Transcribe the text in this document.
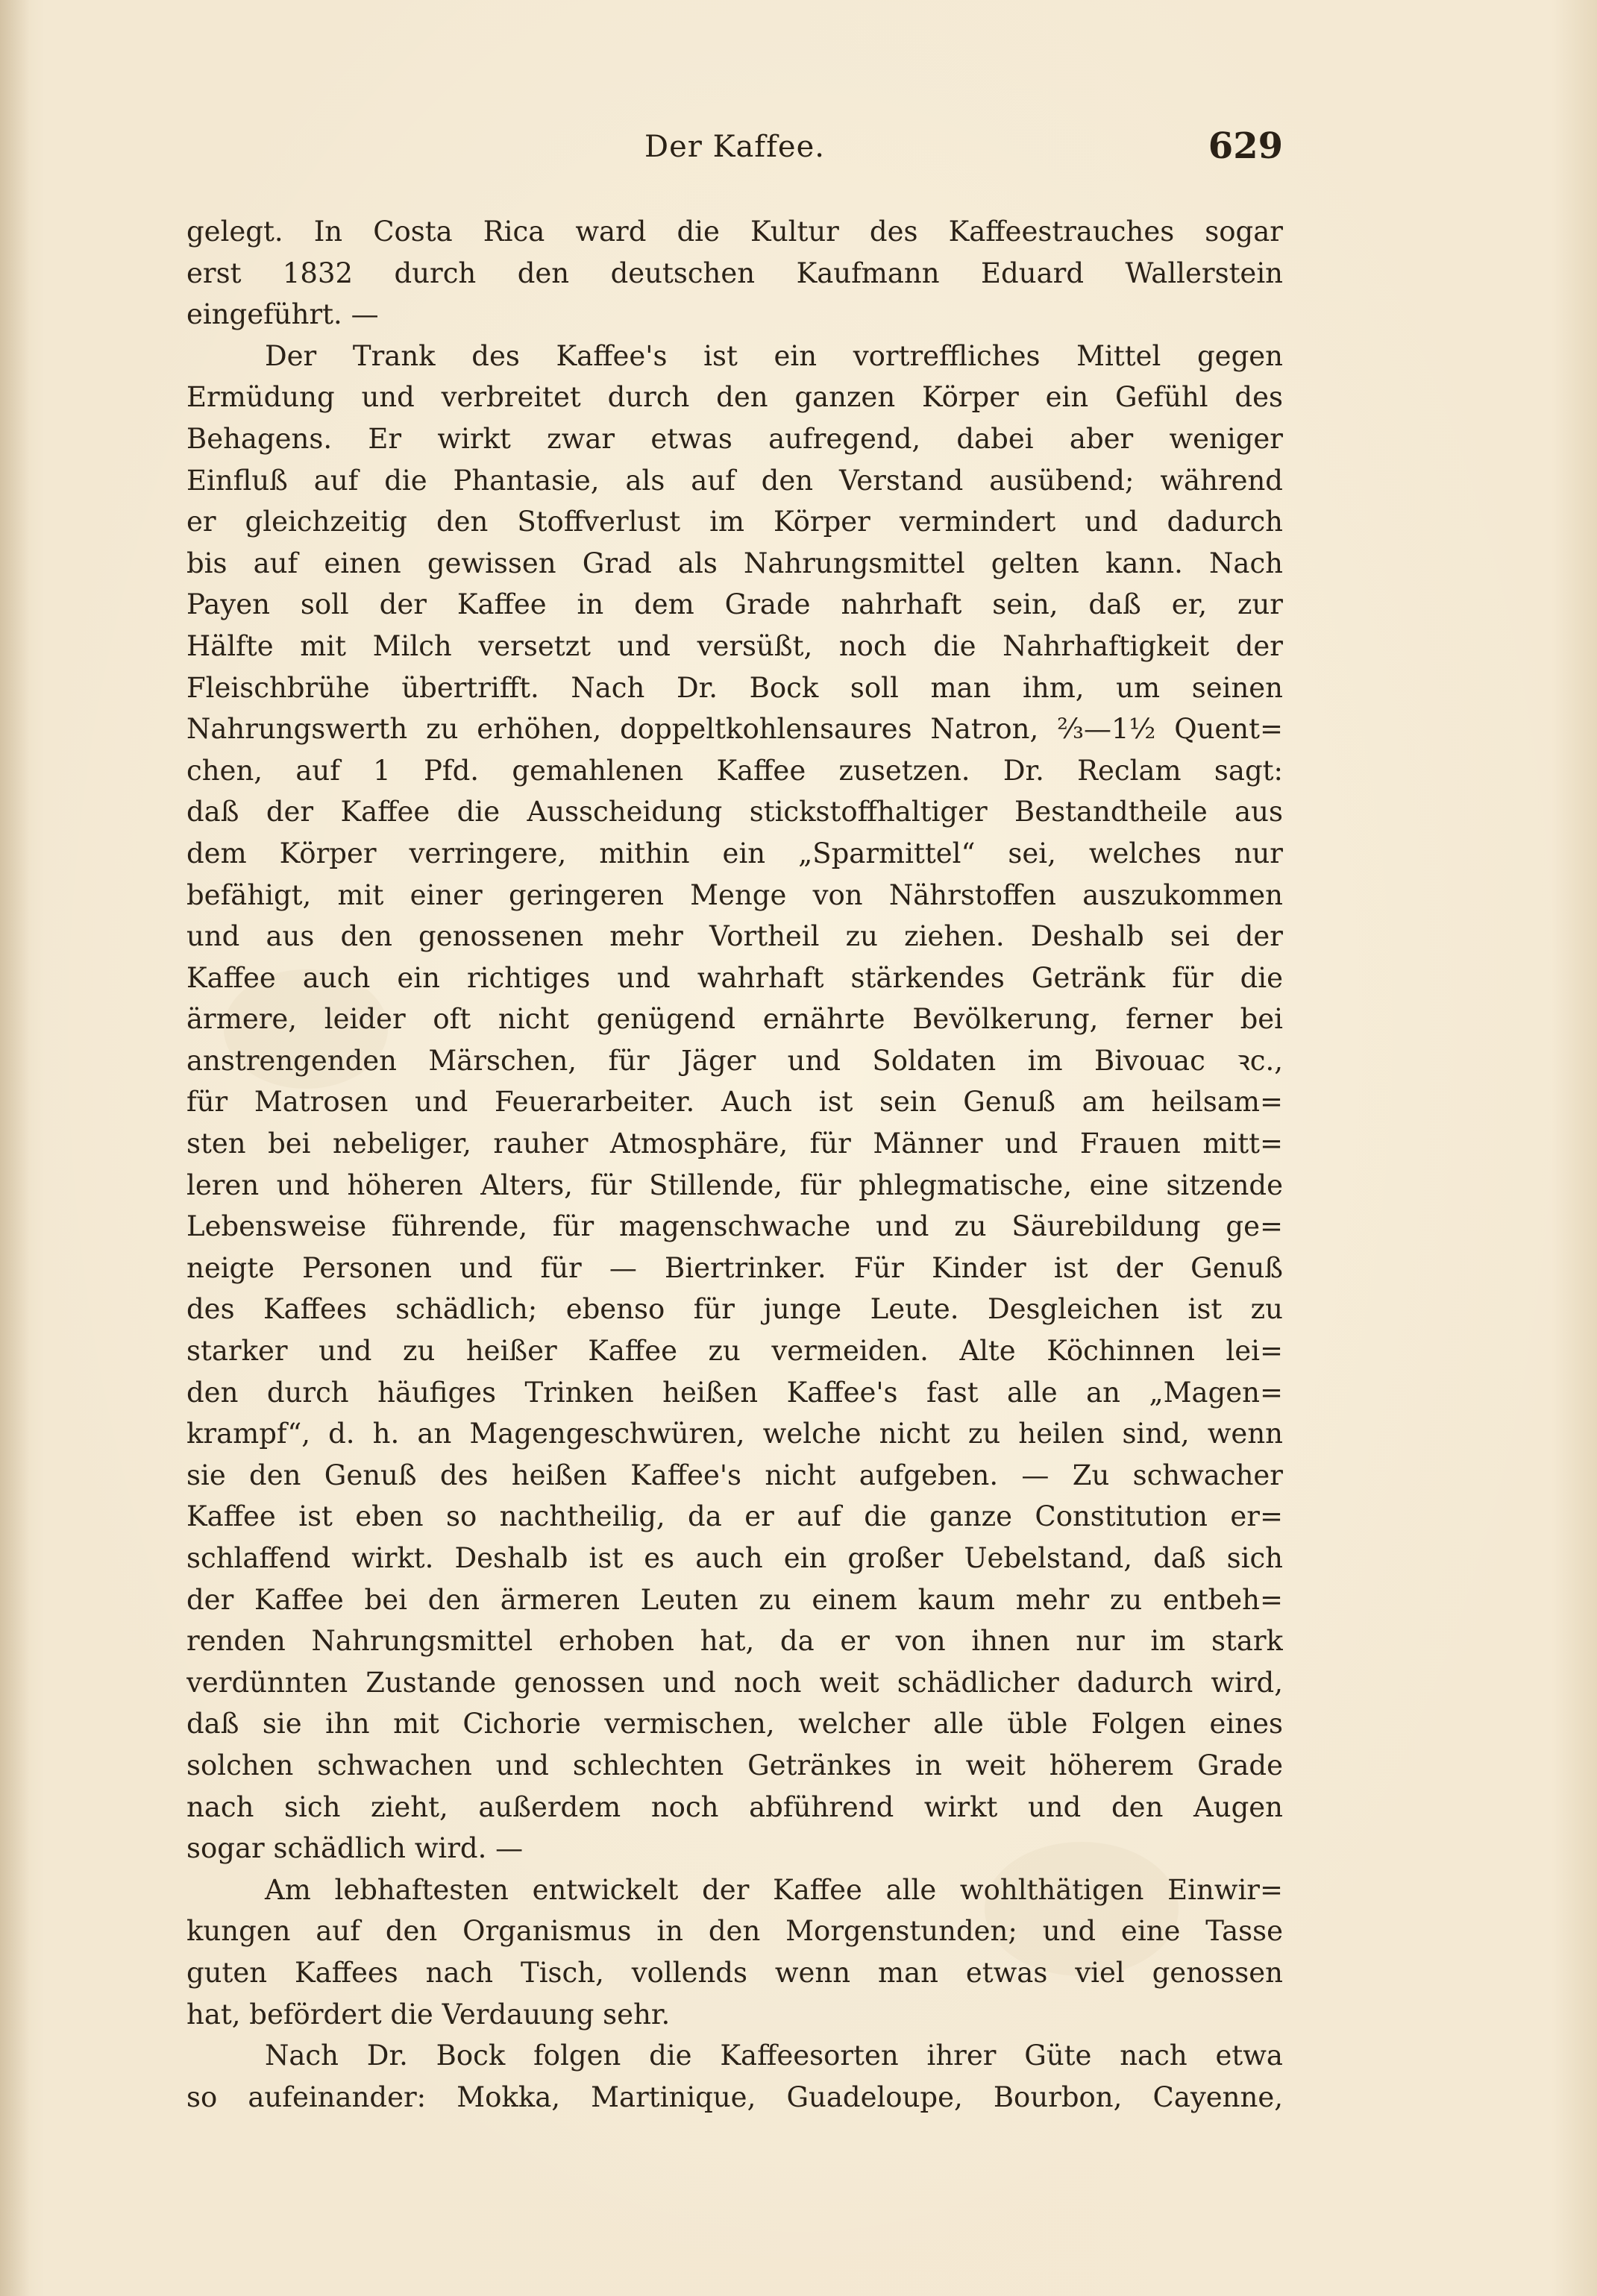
Der Kaffee.	629
gelegt. In Costa Rica ward die Kultur des Kaffeestrauches sogar
erst 1832 durch den deutschen Kaufmann Eduard Wallerstein
eingeführt. —
Der Trank des Kaffee's ist ein vortreffliches Mittel gegen
Ermüdung und verbreitet durch den ganzen Körper ein Gefühl des
Behagens. Er wirkt zwar etwas aufregend, dabei aber weniger
Einfluß auf die Phantasie, als auf den Verstand ausübend; während
er gleichzeitig den Stoffverlust im Körper vermindert und dadurch
bis auf einen gewissen Grad als Nahrungsmittel gelten kann. Nach
Payen soll der Kaffee in dem Grade nahrhaft sein, daß er, zur
Hälfte mit Milch versetzt und versüßt, noch die Nahrhaftigkeit der
Fleischbrühe übertrifft. Nach Dr. Bock soll man ihm, um seinen
Nahrungswerth zu erhöhen, doppeltkohlensaures Natron, ⅔—1½ Quent=
chen, auf 1 Pfd. gemahlenen Kaffee zusetzen. Dr. Reclam sagt:
daß der Kaffee die Ausscheidung stickstoffhaltiger Bestandtheile aus
dem Körper verringere, mithin ein „Sparmittel“ sei, welches nur
befähigt, mit einer geringeren Menge von Nährstoffen auszukommen
und aus den genossenen mehr Vortheil zu ziehen. Deshalb sei der
Kaffee auch ein richtiges und wahrhaft stärkendes Getränk für die
ärmere, leider oft nicht genügend ernährte Bevölkerung, ferner bei
anstrengenden Märschen, für Jäger und Soldaten im Bivouac ꝛc.,
für Matrosen und Feuerarbeiter. Auch ist sein Genuß am heilsam=
sten bei nebeliger, rauher Atmosphäre, für Männer und Frauen mitt=
leren und höheren Alters, für Stillende, für phlegmatische, eine sitzende
Lebensweise führende, für magenschwache und zu Säurebildung ge=
neigte Personen und für — Biertrinker. Für Kinder ist der Genuß
des Kaffees schädlich; ebenso für junge Leute. Desgleichen ist zu
starker und zu heißer Kaffee zu vermeiden. Alte Köchinnen lei=
den durch häufiges Trinken heißen Kaffee's fast alle an „Magen=
krampf“, d. h. an Magengeschwüren, welche nicht zu heilen sind, wenn
sie den Genuß des heißen Kaffee's nicht aufgeben. — Zu schwacher
Kaffee ist eben so nachtheilig, da er auf die ganze Constitution er=
schlaffend wirkt. Deshalb ist es auch ein großer Uebelstand, daß sich
der Kaffee bei den ärmeren Leuten zu einem kaum mehr zu entbeh=
renden Nahrungsmittel erhoben hat, da er von ihnen nur im stark
verdünnten Zustande genossen und noch weit schädlicher dadurch wird,
daß sie ihn mit Cichorie vermischen, welcher alle üble Folgen eines
solchen schwachen und schlechten Getränkes in weit höherem Grade
nach sich zieht, außerdem noch abführend wirkt und den Augen
sogar schädlich wird. —
Am lebhaftesten entwickelt der Kaffee alle wohlthätigen Einwir=
kungen auf den Organismus in den Morgenstunden; und eine Tasse
guten Kaffees nach Tisch, vollends wenn man etwas viel genossen
hat, befördert die Verdauung sehr.
Nach Dr. Bock folgen die Kaffeesorten ihrer Güte nach etwa
so aufeinander: Mokka, Martinique, Guadeloupe, Bourbon, Cayenne,
